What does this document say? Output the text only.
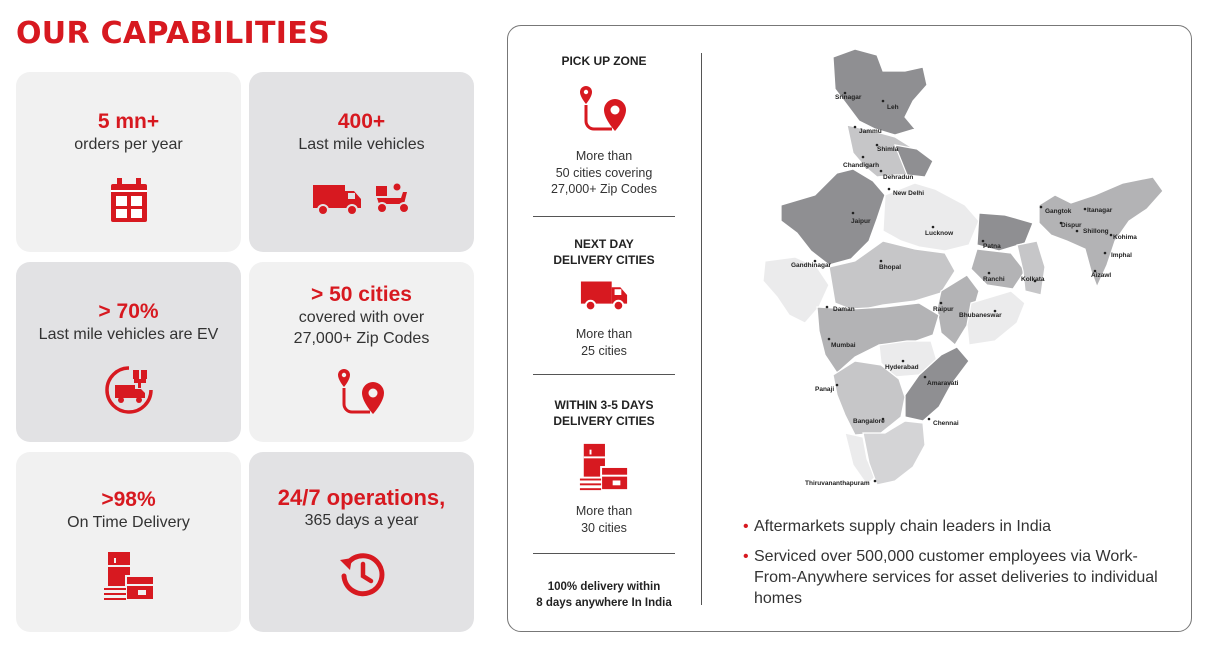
OUR CAPABILITIES
5 mn+
orders per year
400+
Last mile vehicles
> 70%
Last mile vehicles are EV
> 50 cities
covered with over
27,000+ Zip Codes
>98%
On Time Delivery
24/7 operations,
365 days a year
PICK UP ZONE
More than
50 cities covering
27,000+ Zip Codes
NEXT DAY
DELIVERY CITIES
More than
25 cities
WITHIN 3-5 DAYS
DELIVERY CITIES
More than
30 cities
100% delivery within
8 days anywhere In India
Srinagar
Leh
Jammu
Shimla
Chandigarh
Dehradun
New Delhi
Jaipur
Lucknow
Patna
Gangtok Itanagar
Dispur
Shillong
Kohima
Imphal
Aizawl
Gandhinagar	Bhopal
Ranchi	Kolkata
Raipur
Bhubaneswar
Daman
Mumbai
Hyderabad
Amaravati
Panaji
Bangalore	Chennai
Thiruvananthapuram
• Aftermarkets supply chain leaders in India
• Serviced over 500,000 customer employees via Work-From-Anywhere services for asset deliveries to individual homes
